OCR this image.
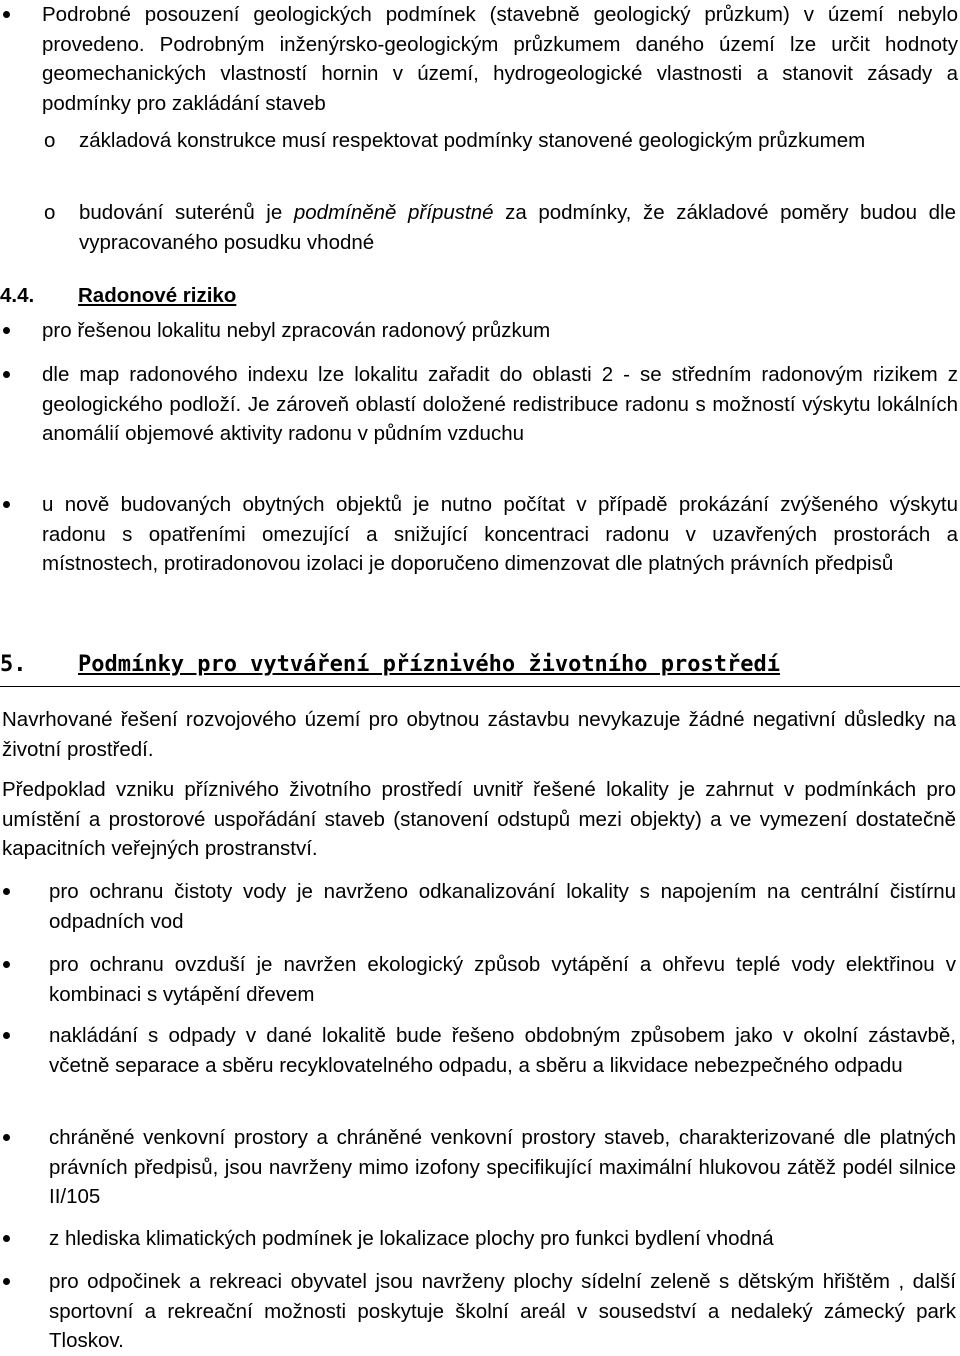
Podrobné posouzení geologických podmínek (stavebně geologický průzkum) v území nebylo provedeno. Podrobným inženýrsko-geologickým průzkumem daného území lze určit hodnoty geomechanických vlastností hornin v území, hydrogeologické vlastnosti a stanovit zásady a podmínky pro zakládání staveb

o základová konstrukce musí respektovat podmínky stanovené geologickým průzkumem

o budování suterénů je podmíněně přípustné za podmínky, že základové poměry budou dle vypracovaného posudku vhodné

4.4. Radonové riziko

pro řešenou lokalitu nebyl zpracován radonový průzkum

dle map radonového indexu lze lokalitu zařadit do oblasti 2 - se středním radonovým rizikem z geologického podloží. Je zároveň oblastí doložené redistribuce radonu s možností výskytu lokálních anomálií objemové aktivity radonu v půdním vzduchu

u nově budovaných obytných objektů je nutno počítat v případě prokázání zvýšeného výskytu radonu s opatřeními omezující a snižující koncentraci radonu v uzavřených prostorách a místnostech, protiradonovou izolaci je doporučeno dimenzovat dle platných právních předpisů

5. Podmínky pro vytváření příznivého životního prostředí

Navrhované řešení rozvojového území pro obytnou zástavbu nevykazuje žádné negativní důsledky na životní prostředí.

Předpoklad vzniku příznivého životního prostředí uvnitř řešené lokality je zahrnut v podmínkách pro umístění a prostorové uspořádání staveb (stanovení odstupů mezi objekty) a ve vymezení dostatečně kapacitních veřejných prostranství.

pro ochranu čistoty vody je navrženo odkanalizování lokality s napojením na centrální čistírnu odpadních vod

pro ochranu ovzduší je navržen ekologický způsob vytápění a ohřevu teplé vody elektřinou v kombinaci s vytápění dřevem

nakládání s odpady v dané lokalitě bude řešeno obdobným způsobem jako v okolní zástavbě, včetně separace a sběru recyklovatelného odpadu, a sběru a likvidace nebezpečného odpadu

chráněné venkovní prostory a chráněné venkovní prostory staveb, charakterizované dle platných právních předpisů, jsou navrženy mimo izofony specifikující maximální hlukovou zátěž podél silnice II/105

z hlediska klimatických podmínek je lokalizace plochy pro funkci bydlení vhodná

pro odpočinek a rekreaci obyvatel jsou navrženy plochy sídelní zeleně s dětským hřištěm , další sportovní a rekreační možnosti poskytuje školní areál v sousedství a nedaleký zámecký park Tloskov.
